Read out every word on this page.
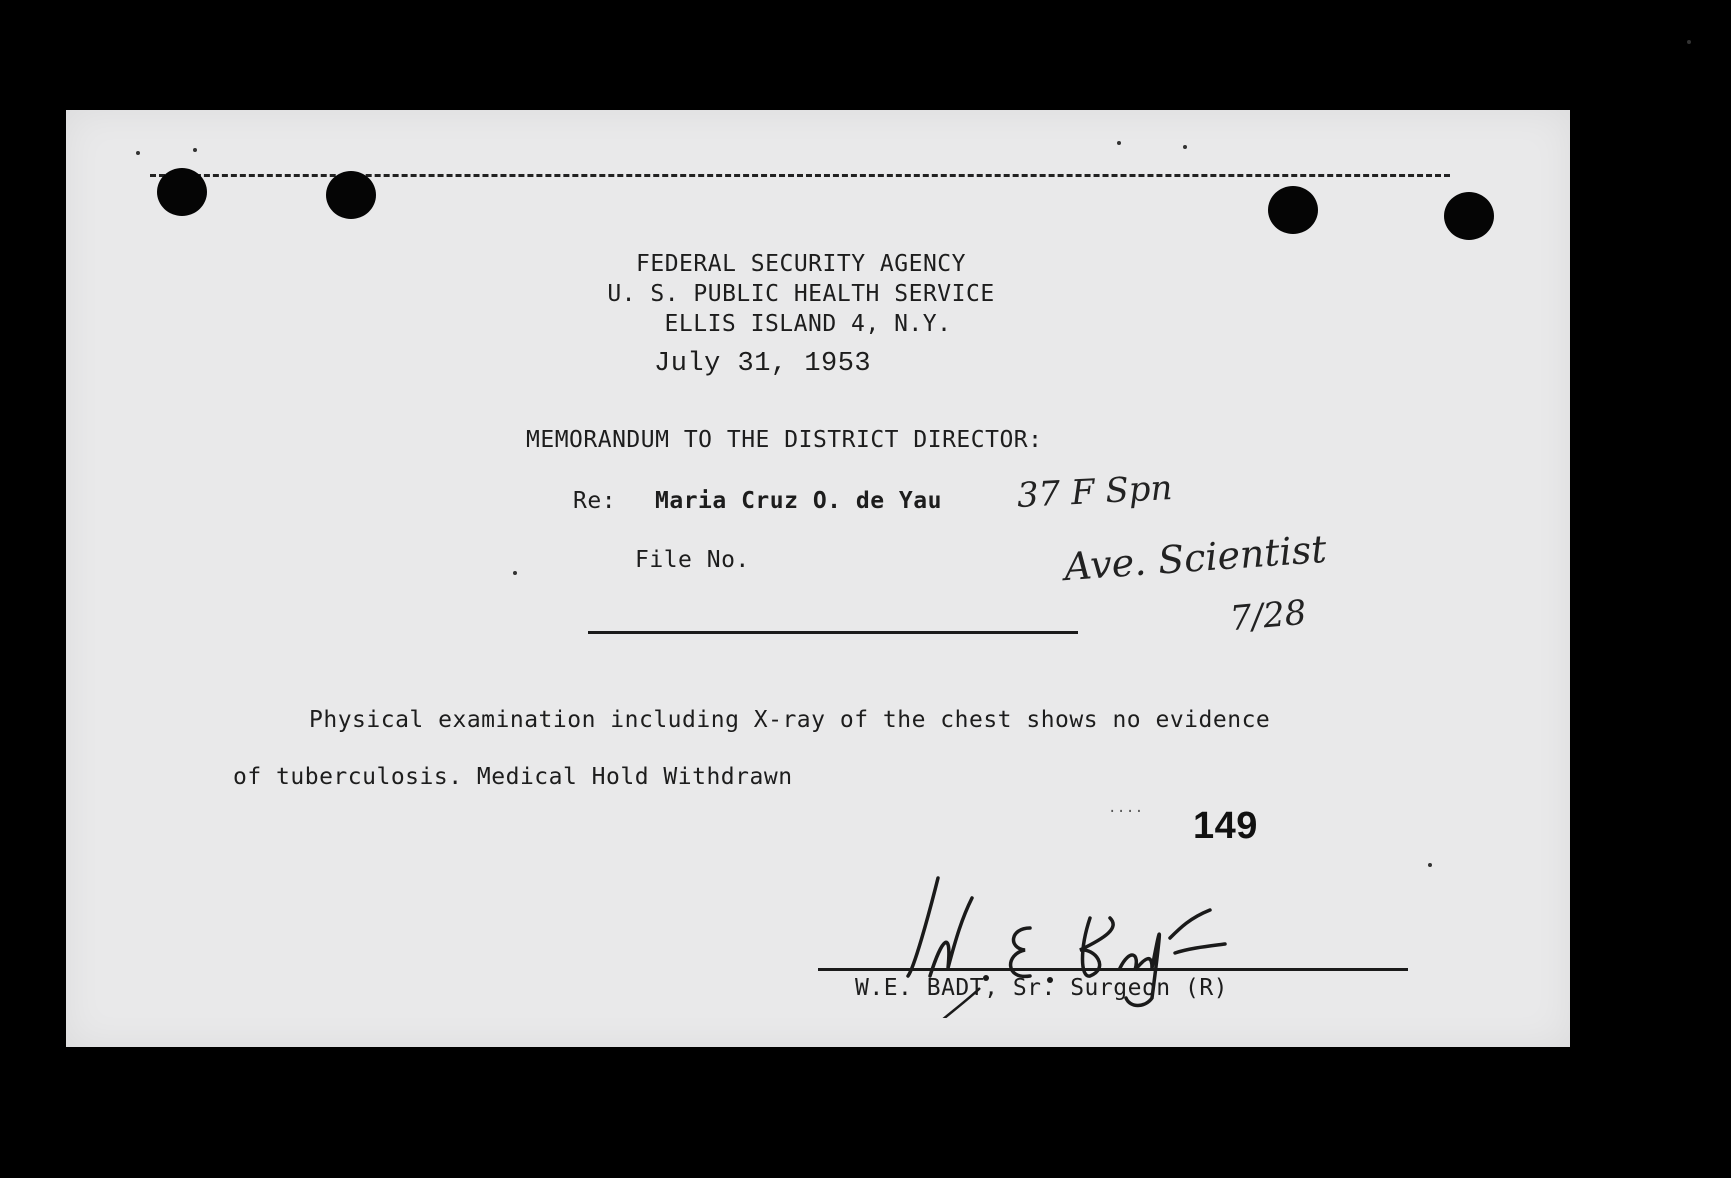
FEDERAL SECURITY AGENCY
U. S. PUBLIC HEALTH SERVICE
ELLIS ISLAND 4, N.Y.
July 31, 1953
MEMORANDUM TO THE DISTRICT DIRECTOR:
Re: Maria Cruz O. de Yau
File No.
37 F Spn
Ave. Scientist
7/28
Physical examination including X-ray of the chest shows no evidence
of tuberculosis. Medical Hold Withdrawn
149
....
W.E. BADT, Sr. Surgeon (R)
